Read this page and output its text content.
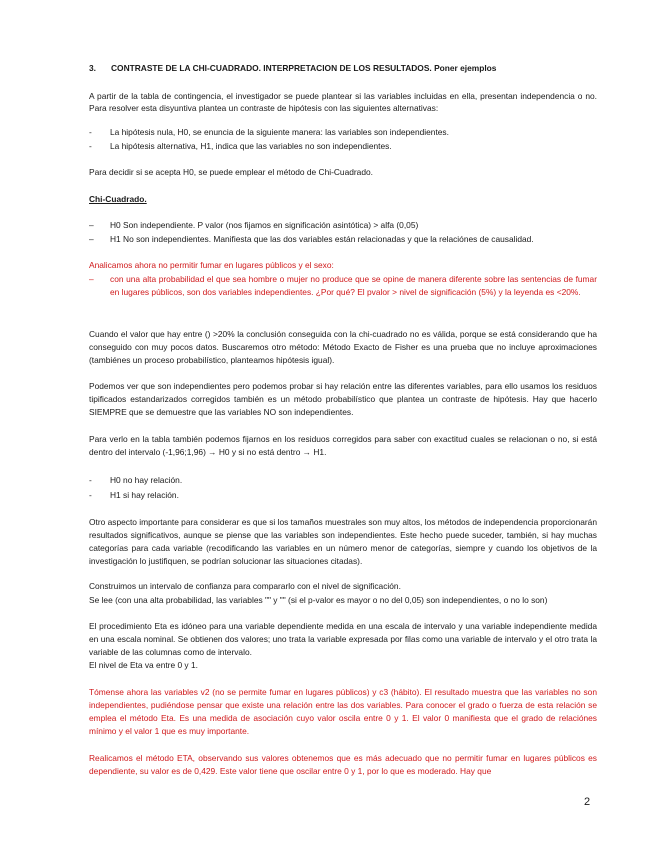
3. CONTRASTE DE LA CHI-CUADRADO. INTERPRETACION DE LOS RESULTADOS. Poner ejemplos
A partir de la tabla de contingencia, el investigador se puede plantear si las variables incluidas en ella, presentan independencia o no. Para resolver esta disyuntiva plantea un contraste de hipótesis con las siguientes alternativas:
-	La hipótesis nula, H0, se enuncia de la siguiente manera: las variables son independientes.
-	La hipótesis alternativa, H1, indica que las variables no son independientes.
Para decidir si se acepta H0, se puede emplear el método de Chi-Cuadrado.
Chi-Cuadrado.
–	H0 Son independiente. P valor (nos fijamos en significación asintótica) > alfa (0,05)
–	H1 No son independientes. Manifiesta que las dos variables están relacionadas y que la relaciónes de causalidad.
Analicamos ahora no permitir fumar en lugares públicos y el sexo:
–	con una alta probabilidad el que sea hombre o mujer no produce que se opine de manera diferente sobre las sentencias de fumar en lugares públicos, son dos variables independientes. ¿Por qué? El pvalor > nivel de significación (5%) y la leyenda es <20%.
Cuando el valor que hay entre () >20% la conclusión conseguida con la chi-cuadrado no es válida, porque se está considerando que ha conseguido con muy pocos datos. Buscaremos otro método: Método Exacto de Fisher es una prueba que no incluye aproximaciones (tambiénes un proceso probabilístico, planteamos hipótesis igual).
Podemos ver que son independientes pero podemos probar si hay relación entre las diferentes variables, para ello usamos los residuos tipificados estandarizados corregidos también es un método probabilístico que plantea un contraste de hipótesis. Hay que hacerlo SIEMPRE que se demuestre que las variables NO son independientes.
Para verlo en la tabla también podemos fijarnos en los residuos corregidos para saber con exactitud cuales se relacionan o no, si está dentro del intervalo (-1,96;1,96) → H0 y si no está dentro → H1.
-	H0 no hay relación.
-	H1 si hay relación.
Otro aspecto importante para considerar es que si los tamaños muestrales son muy altos, los métodos de independencia proporcionarán resultados significativos, aunque se piense que las variables son independientes. Este hecho puede suceder, también, si hay muchas categorías para cada variable (recodificando las variables en un número menor de categorías, siempre y cuando los objetivos de la investigación lo justifiquen, se podrían solucionar las situaciones citadas).
Construimos un intervalo de confianza para compararlo con el nivel de significación.
Se lee (con una alta probabilidad, las variables "" y "" (si el p-valor es mayor o no del 0,05) son independientes, o no lo son)
El procedimiento Eta es idóneo para una variable dependiente medida en una escala de intervalo y una variable independiente medida en una escala nominal. Se obtienen dos valores; uno trata la variable expresada por filas como una variable de intervalo y el otro trata la variable de las columnas como de intervalo.
El nivel de Eta va entre 0 y 1.
Tómense ahora las variables v2 (no se permite fumar en lugares públicos) y c3 (hábito). El resultado muestra que las variables no son independientes, pudiéndose pensar que existe una relación entre las dos variables. Para conocer el grado o fuerza de esta relación se emplea el método Eta. Es una medida de asociación cuyo valor oscila entre 0 y 1. El valor 0 manifiesta que el grado de relaciónes mínimo y el valor 1 que es muy importante.
Realicamos el método ETA, observando sus valores obtenemos que es más adecuado que no permitir fumar en lugares públicos es dependiente, su valor es de 0,429. Este valor tiene que oscilar entre 0 y 1, por lo que es moderado. Hay que
2
